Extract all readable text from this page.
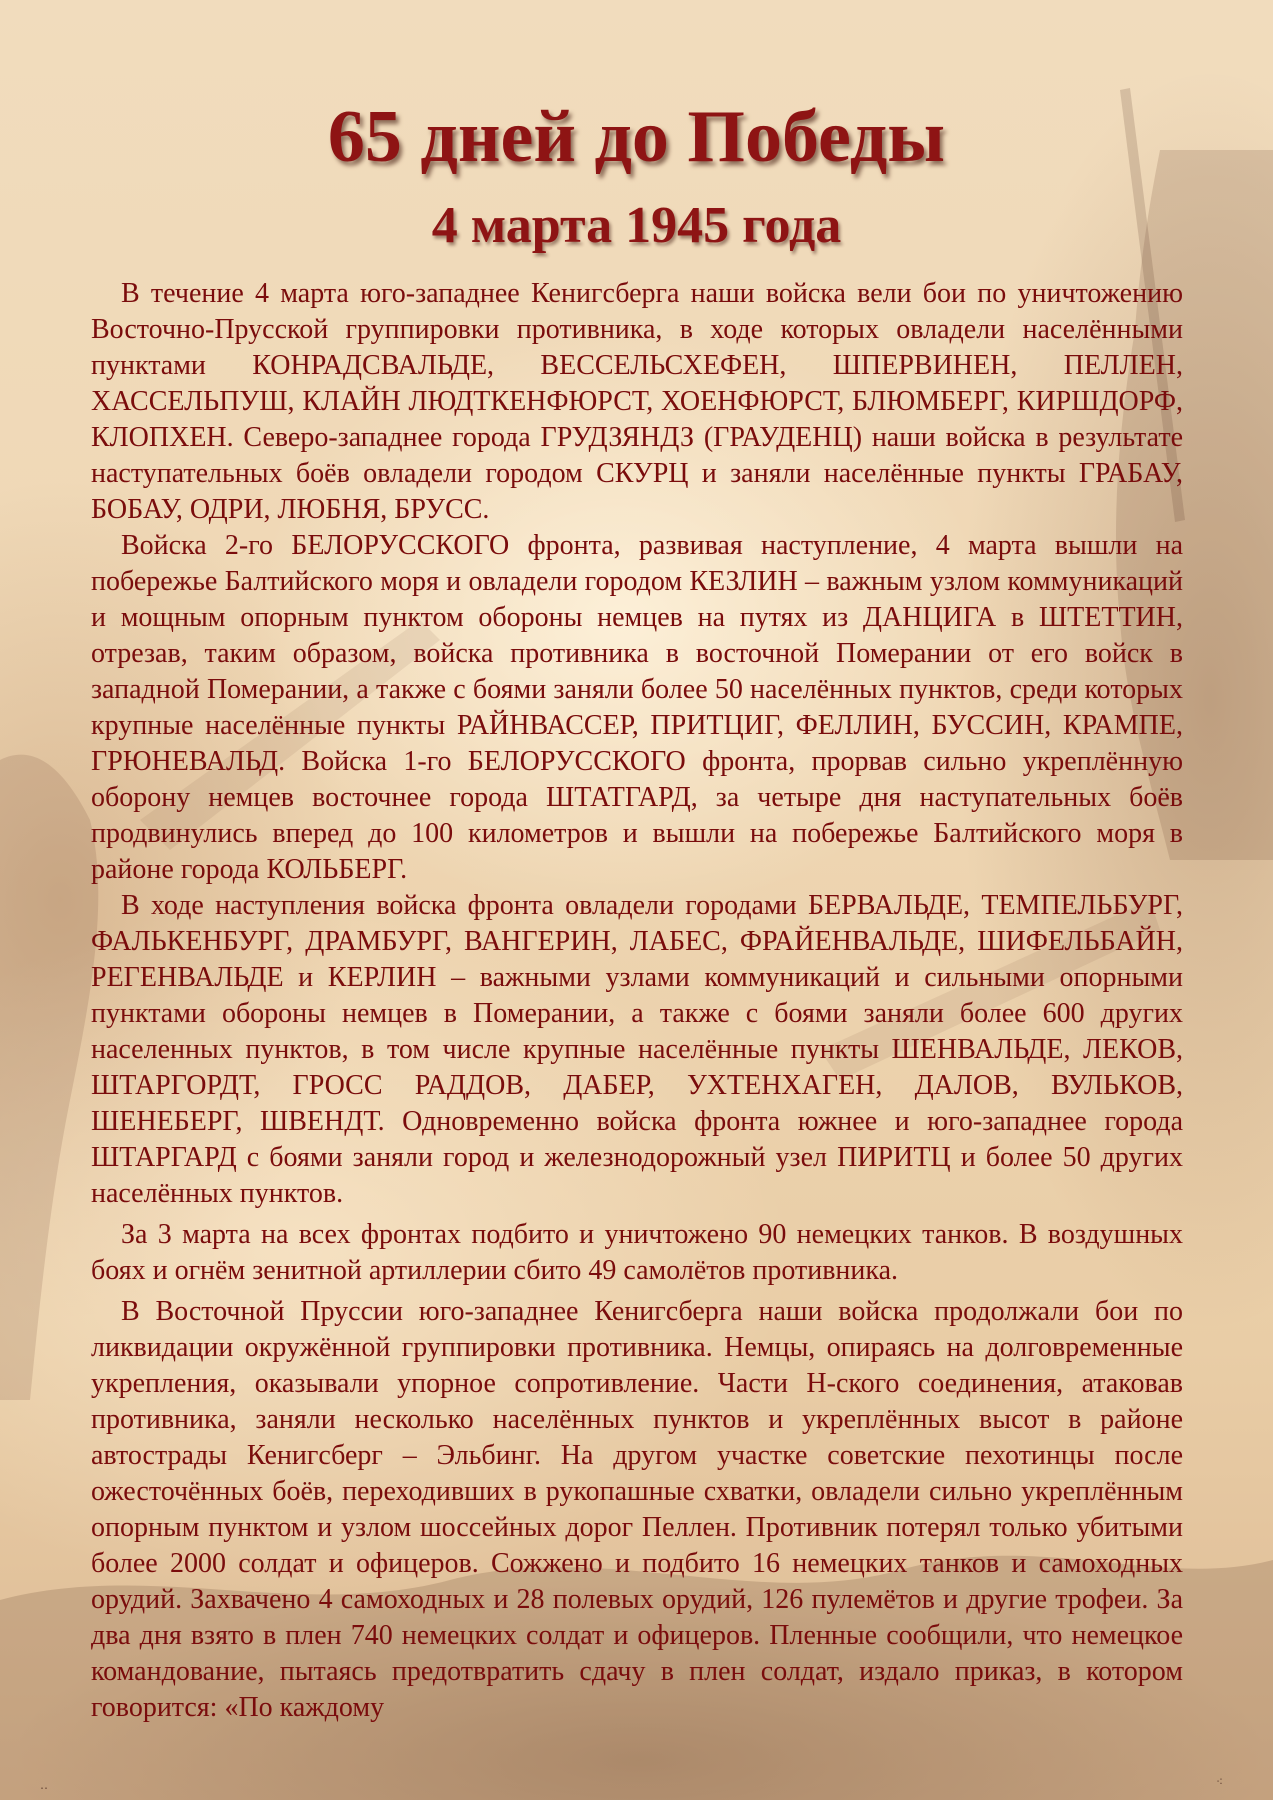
65 дней до Победы
4 марта 1945 года

В течение 4 марта юго-западнее Кенигсберга наши войска вели бои по уничтожению Восточно-Прусской группировки противника, в ходе которых овладели населёнными пунктами КОНРАДСВАЛЬДЕ, ВЕССЕЛЬСХЕФЕН, ШПЕРВИНЕН, ПЕЛЛЕН, ХАССЕЛЬПУШ, КЛАЙН ЛЮДТКЕНФЮРСТ, ХОЕНФЮРСТ, БЛЮМБЕРГ, КИРШДОРФ, КЛОПХЕН. Северо-западнее города ГРУДЗЯНДЗ (ГРАУДЕНЦ) наши войска в результате наступательных боёв овладели городом СКУРЦ и заняли населённые пункты ГРАБАУ, БОБАУ, ОДРИ, ЛЮБНЯ, БРУСС.

Войска 2-го БЕЛОРУССКОГО фронта, развивая наступление, 4 марта вышли на побережье Балтийского моря и овладели городом КЕЗЛИН – важным узлом коммуникаций и мощным опорным пунктом обороны немцев на путях из ДАНЦИГА в ШТЕТТИН, отрезав, таким образом, войска противника в восточной Померании от его войск в западной Померании, а также с боями заняли более 50 населённых пунктов, среди которых крупные населённые пункты РАЙНВАССЕР, ПРИТЦИГ, ФЕЛЛИН, БУССИН, КРАМПЕ, ГРЮНЕВАЛЬД. Войска 1-го БЕЛОРУССКОГО фронта, прорвав сильно укреплённую оборону немцев восточнее города ШТАТГАРД, за четыре дня наступательных боёв продвинулись вперед до 100 километров и вышли на побережье Балтийского моря в районе города КОЛЬБЕРГ.

В ходе наступления войска фронта овладели городами БЕРВАЛЬДЕ, ТЕМПЕЛЬБУРГ, ФАЛЬКЕНБУРГ, ДРАМБУРГ, ВАНГЕРИН, ЛАБЕС, ФРАЙЕНВАЛЬДЕ, ШИФЕЛЬБАЙН, РЕГЕНВАЛЬДЕ и КЕРЛИН – важными узлами коммуникаций и сильными опорными пунктами обороны немцев в Померании, а также с боями заняли более 600 других населенных пунктов, в том числе крупные населённые пункты ШЕНВАЛЬДЕ, ЛЕКОВ, ШТАРГОРДТ, ГРОСС РАДДОВ, ДАБЕР, УХТЕНХАГЕН, ДАЛОВ, ВУЛЬКОВ, ШЕНЕБЕРГ, ШВЕНДТ. Одновременно войска фронта южнее и юго-западнее города ШТАРГАРД с боями заняли город и железнодорожный узел ПИРИТЦ и более 50 других населённых пунктов.

За 3 марта на всех фронтах подбито и уничтожено 90 немецких танков. В воздушных боях и огнём зенитной артиллерии сбито 49 самолётов противника.

В Восточной Пруссии юго-западнее Кенигсберга наши войска продолжали бои по ликвидации окружённой группировки противника. Немцы, опираясь на долговременные укрепления, оказывали упорное сопротивление. Части Н-ского соединения, атаковав противника, заняли несколько населённых пунктов и укреплённых высот в районе автострады Кенигсберг – Эльбинг. На другом участке советские пехотинцы после ожесточённых боёв, переходивших в рукопашные схватки, овладели сильно укреплённым опорным пунктом и узлом шоссейных дорог Пеллен. Противник потерял только убитыми более 2000 солдат и офицеров. Сожжено и подбито 16 немецких танков и самоходных орудий. Захвачено 4 самоходных и 28 полевых орудий, 126 пулемётов и другие трофеи. За два дня взято в плен 740 немецких солдат и офицеров. Пленные сообщили, что немецкое командование, пытаясь предотвратить сдачу в плен солдат, издало приказ, в котором говорится: «По каждому

‥	⁖
